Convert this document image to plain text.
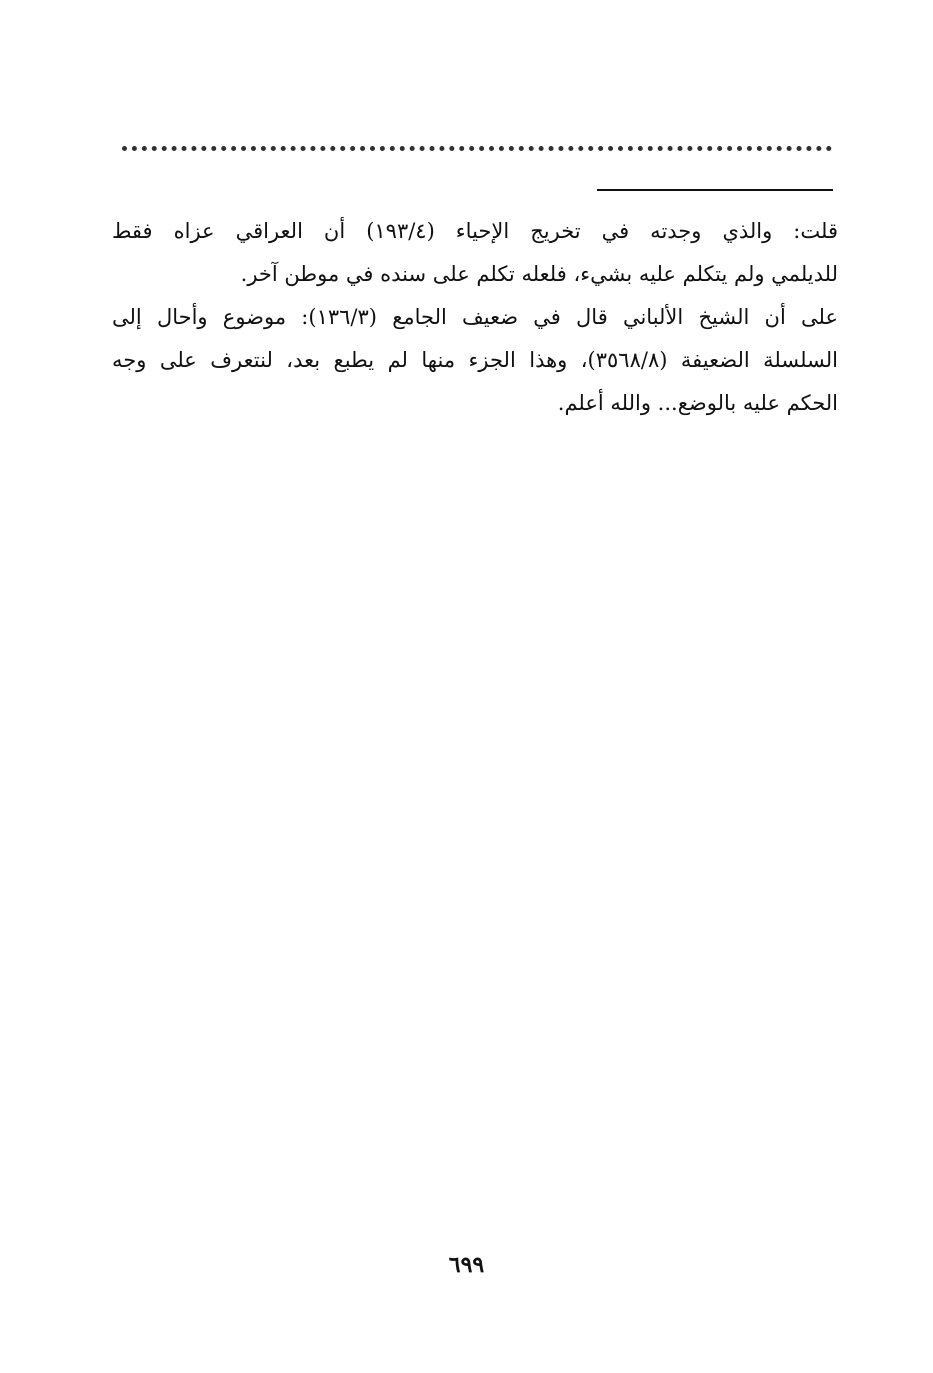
قلت: والذي وجدته في تخريج الإحياء (١٩٣/٤) أن العراقي عزاه فقط
للديلمي ولم يتكلم عليه بشيء، فلعله تكلم على سنده في موطن آخر.

على أن الشيخ الألباني قال في ضعيف الجامع (١٣٦/٣): موضوع وأحال إلى
السلسلة الضعيفة (٣٥٦٨/٨)، وهذا الجزء منها لم يطبع بعد، لنتعرف على وجه
الحكم عليه بالوضع... والله أعلم.

٦٩٩
